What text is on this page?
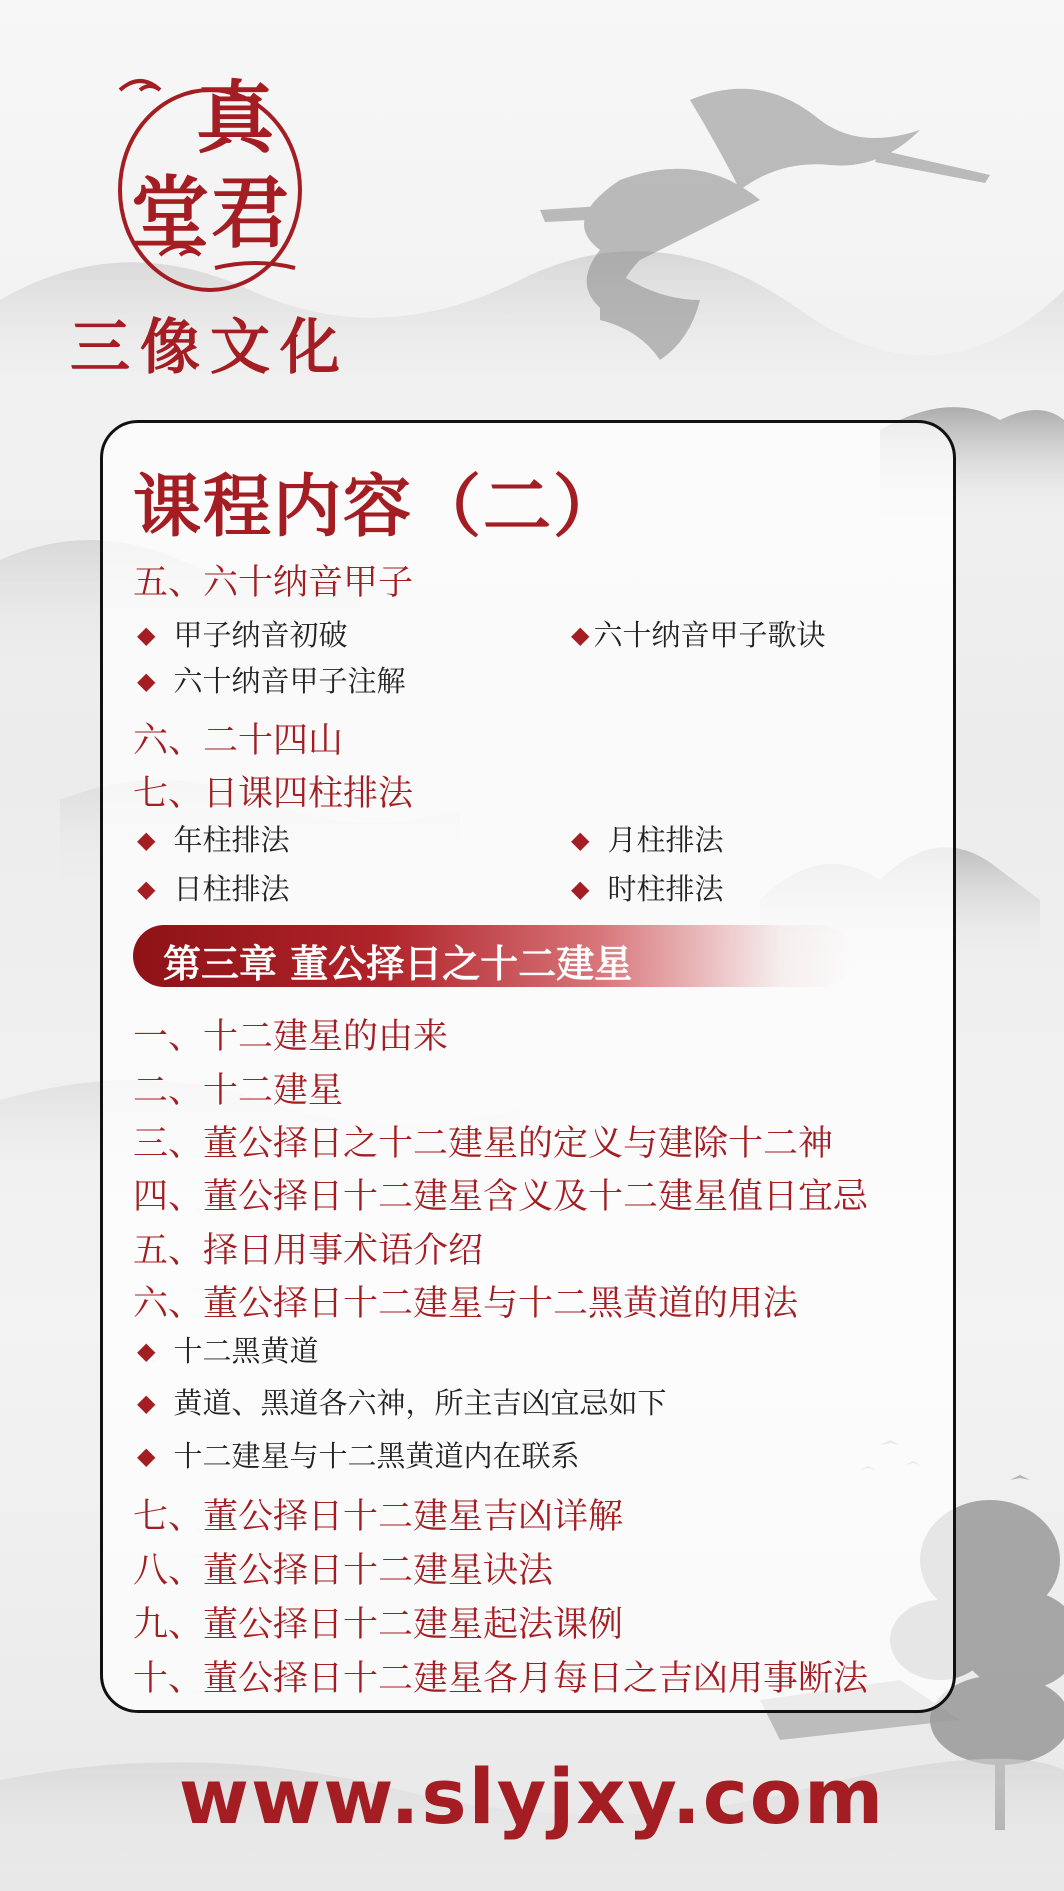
真
堂 君
三像文化
课程内容（二）
五、六十纳音甲子
◆ 甲子纳音初破	◆ 六十纳音甲子歌诀
◆ 六十纳音甲子注解
六、二十四山
七、日课四柱排法
◆ 年柱排法	◆ 月柱排法
◆ 日柱排法	◆ 时柱排法
第三章 董公择日之十二建星
一、十二建星的由来
二、十二建星
三、董公择日之十二建星的定义与建除十二神
四、董公择日十二建星含义及十二建星值日宜忌
五、择日用事术语介绍
六、董公择日十二建星与十二黑黄道的用法
◆ 十二黑黄道
◆ 黄道、黑道各六神，所主吉凶宜忌如下
◆ 十二建星与十二黑黄道内在联系
七、董公择日十二建星吉凶详解
八、董公择日十二建星诀法
九、董公择日十二建星起法课例
十、董公择日十二建星各月每日之吉凶用事断法
www.slyjxy.com
